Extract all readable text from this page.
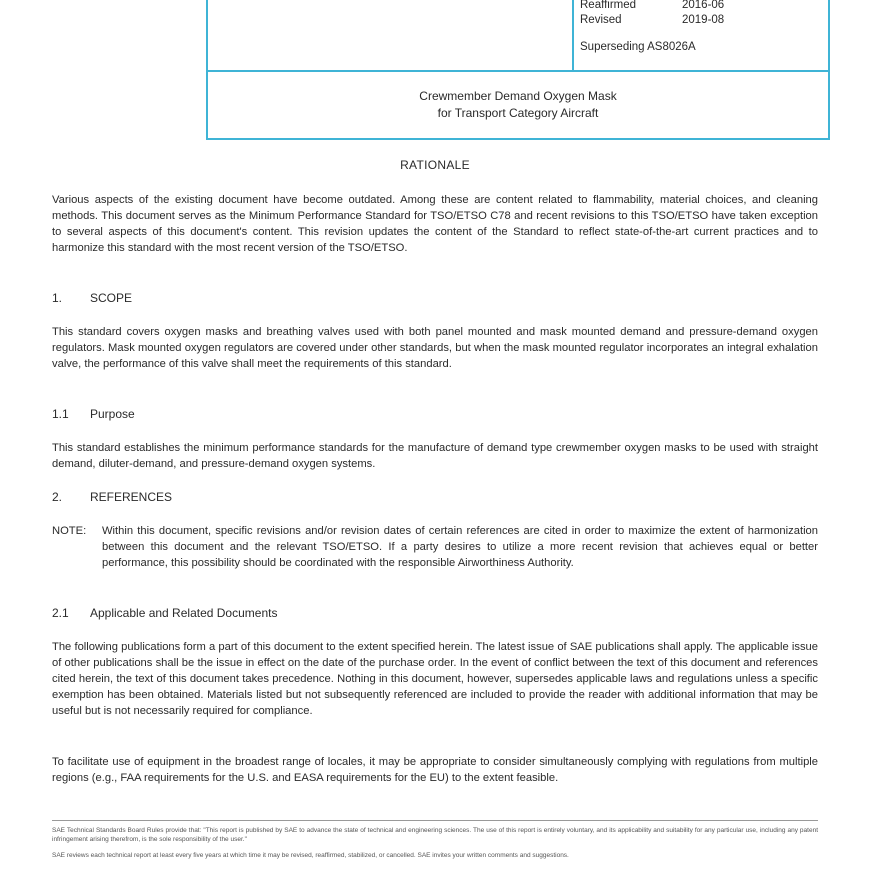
Reaffirmed	2016-06
Revised	2019-08
Superseding AS8026A
Crewmember Demand Oxygen Mask
for Transport Category Aircraft
RATIONALE

Various aspects of the existing document have become outdated. Among these are content related to flammability, material choices, and cleaning methods. This document serves as the Minimum Performance Standard for TSO/ETSO C78 and recent revisions to this TSO/ETSO have taken exception to several aspects of this document's content. This revision updates the content of the Standard to reflect state-of-the-art current practices and to harmonize this standard with the most recent version of the TSO/ETSO.

1.	SCOPE

This standard covers oxygen masks and breathing valves used with both panel mounted and mask mounted demand and pressure-demand oxygen regulators. Mask mounted oxygen regulators are covered under other standards, but when the mask mounted regulator incorporates an integral exhalation valve, the performance of this valve shall meet the requirements of this standard.

1.1	Purpose

This standard establishes the minimum performance standards for the manufacture of demand type crewmember oxygen masks to be used with straight demand, diluter-demand, and pressure-demand oxygen systems.

2.	REFERENCES
NOTE:	Within this document, specific revisions and/or revision dates of certain references are cited in order to maximize the extent of harmonization between this document and the relevant TSO/ETSO. If a party desires to utilize a more recent revision that achieves equal or better performance, this possibility should be coordinated with the responsible Airworthiness Authority.
2.1	Applicable and Related Documents

The following publications form a part of this document to the extent specified herein. The latest issue of SAE publications shall apply. The applicable issue of other publications shall be the issue in effect on the date of the purchase order. In the event of conflict between the text of this document and references cited herein, the text of this document takes precedence. Nothing in this document, however, supersedes applicable laws and regulations unless a specific exemption has been obtained. Materials listed but not subsequently referenced are included to provide the reader with additional information that may be useful but is not necessarily required for compliance.

To facilitate use of equipment in the broadest range of locales, it may be appropriate to consider simultaneously complying with regulations from multiple regions (e.g., FAA requirements for the U.S. and EASA requirements for the EU) to the extent feasible.

SAE Technical Standards Board Rules provide that: "This report is published by SAE to advance the state of technical and engineering sciences. The use of this report is entirely voluntary, and its applicability and suitability for any particular use, including any patent infringement arising therefrom, is the sole responsibility of the user."

SAE reviews each technical report at least every five years at which time it may be revised, reaffirmed, stabilized, or cancelled. SAE invites your written comments and suggestions.
